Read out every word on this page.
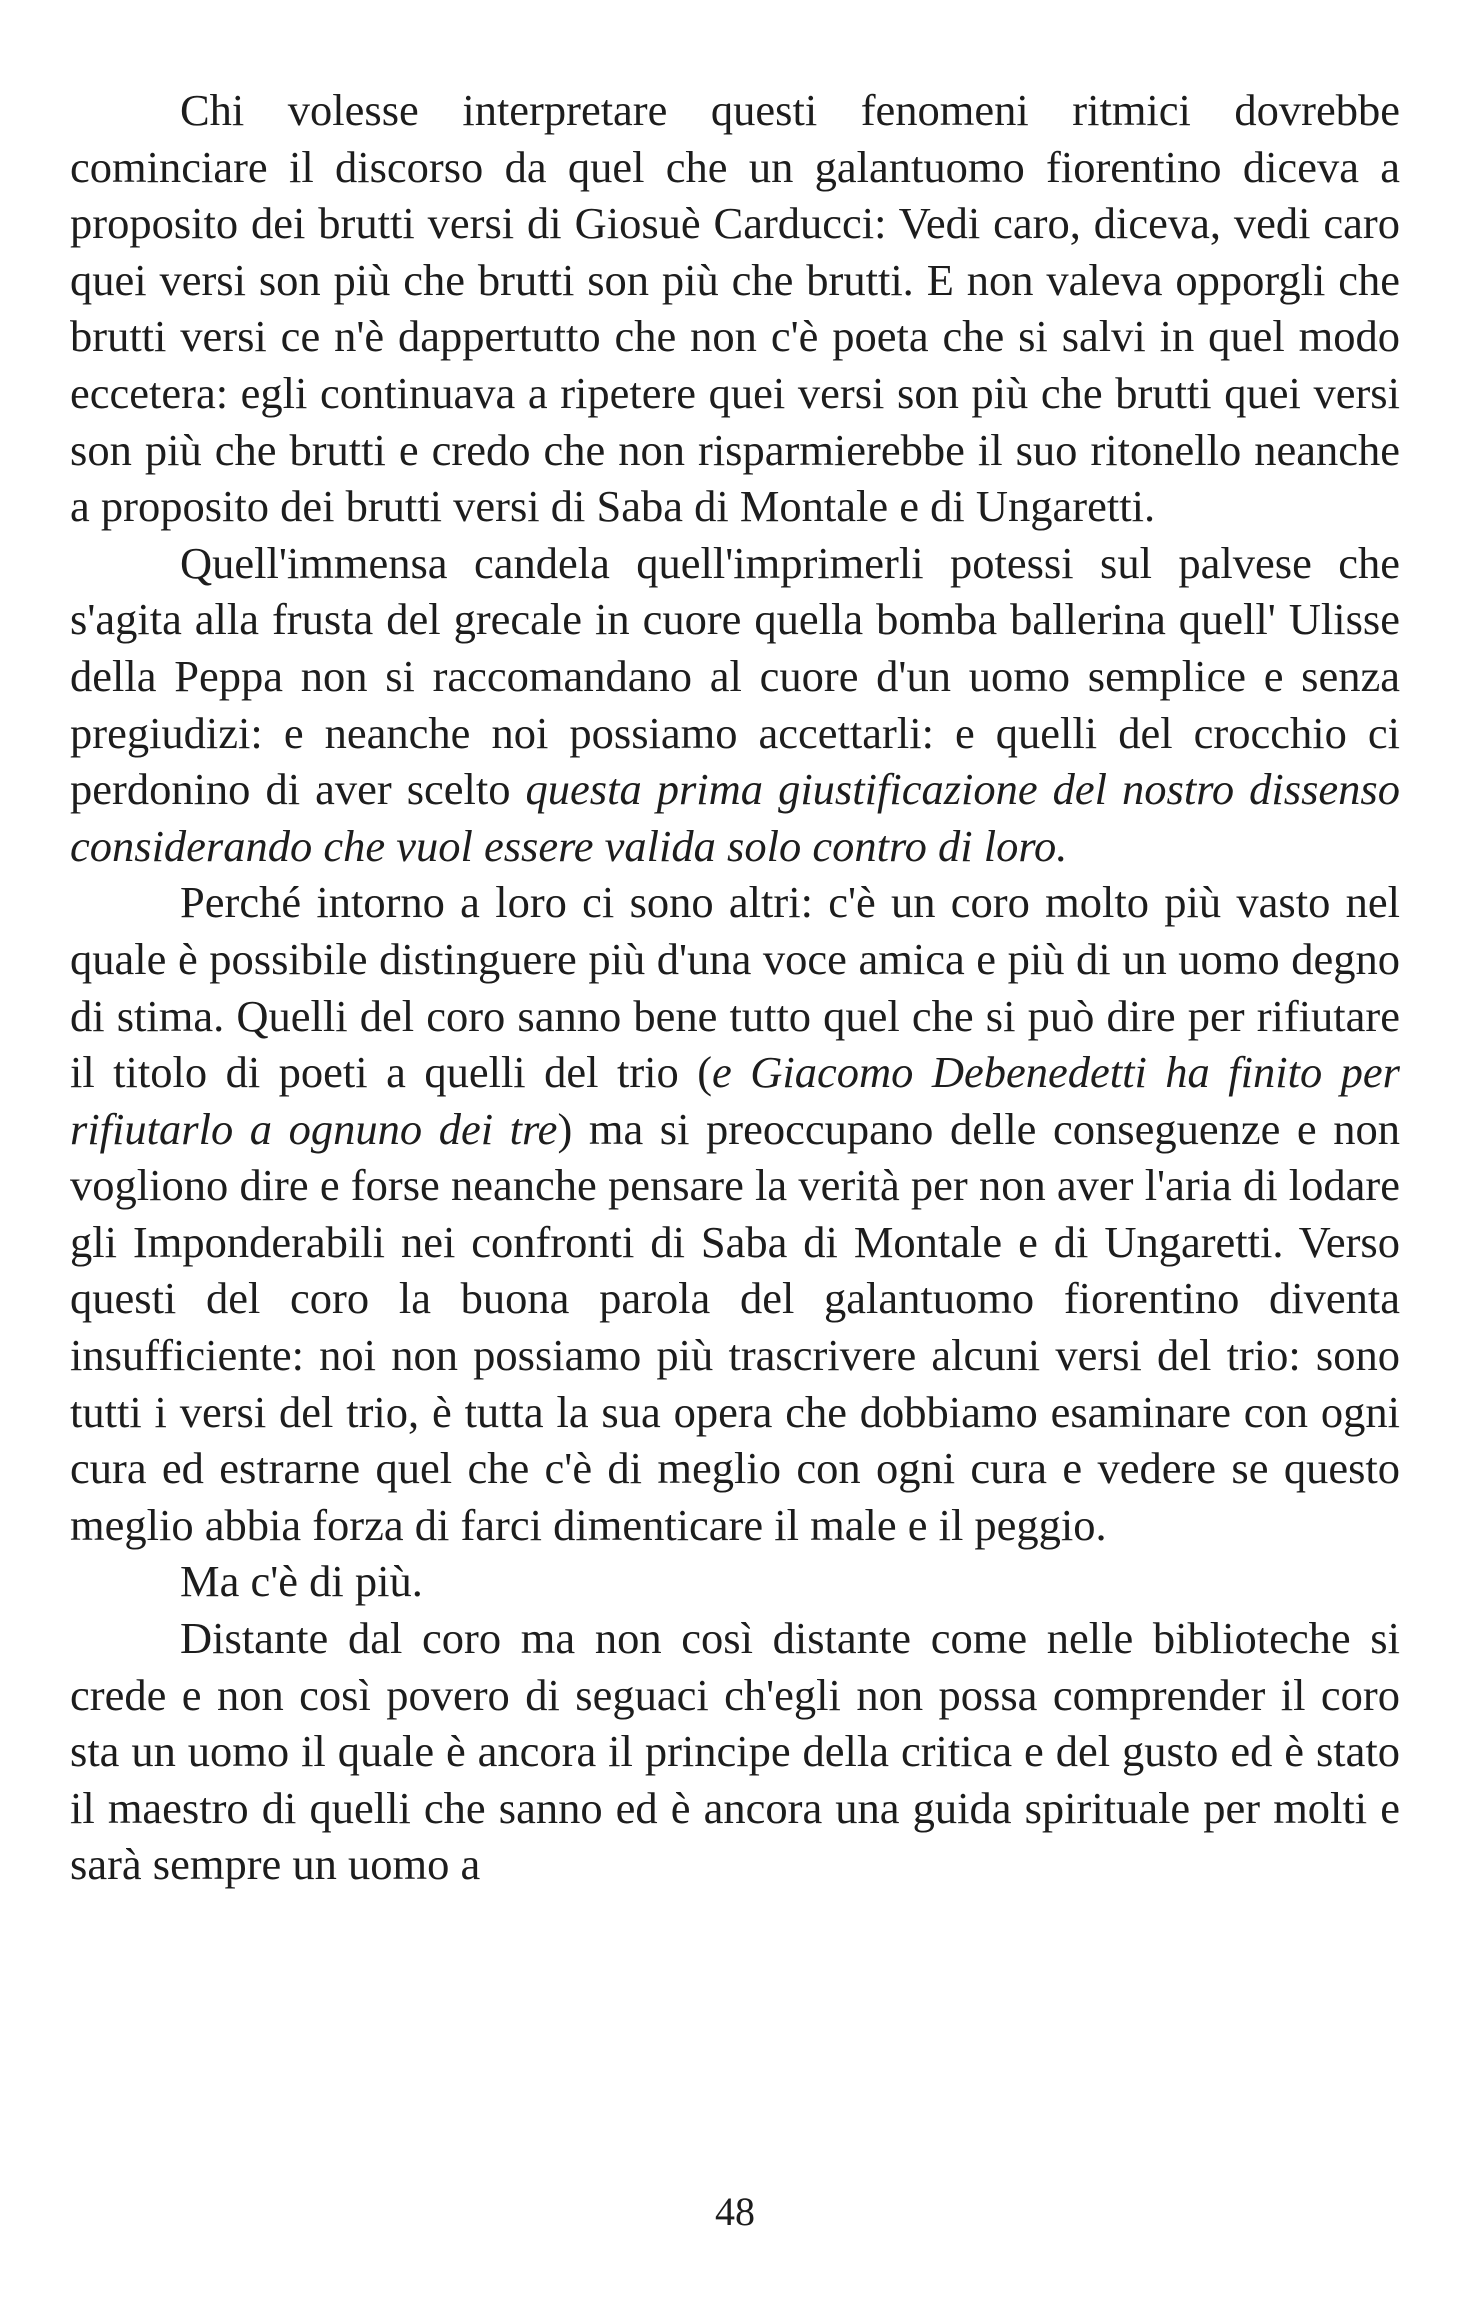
Chi volesse interpretare questi fenomeni ritmici dovrebbe cominciare il discorso da quel che un galantuomo fiorentino diceva a proposito dei brutti versi di Giosuè Carducci: Vedi caro, diceva, vedi caro quei versi son più che brutti son più che brutti. E non valeva opporgli che brutti versi ce n'è dappertutto che non c'è poeta che si salvi in quel modo eccetera: egli continuava a ripetere quei versi son più che brutti quei versi son più che brutti e credo che non risparmierebbe il suo ritonello neanche a proposito dei brutti versi di Saba di Montale e di Ungaretti.

Quell'immensa candela quell'imprimerli potessi sul palvese che s'agita alla frusta del grecale in cuore quella bomba ballerina quell' Ulisse della Peppa non si raccomandano al cuore d'un uomo semplice e senza pregiudizi: e neanche noi possiamo accettarli: e quelli del crocchio ci perdonino di aver scelto questa prima giustificazione del nostro dissenso considerando che vuol essere valida solo contro di loro.

Perché intorno a loro ci sono altri: c'è un coro molto più vasto nel quale è possibile distinguere più d'una voce amica e più di un uomo degno di stima. Quelli del coro sanno bene tutto quel che si può dire per rifiutare il titolo di poeti a quelli del trio (e Giacomo Debenedetti ha finito per rifiutarlo a ognuno dei tre) ma si preoccupano delle conseguenze e non vogliono dire e forse neanche pensare la verità per non aver l'aria di lodare gli Imponderabili nei confronti di Saba di Montale e di Ungaretti. Verso questi del coro la buona parola del galantuomo fiorentino diventa insufficiente: noi non possiamo più trascrivere alcuni versi del trio: sono tutti i versi del trio, è tutta la sua opera che dobbiamo esaminare con ogni cura ed estrarne quel che c'è di meglio con ogni cura e vedere se questo meglio abbia forza di farci dimenticare il male e il peggio.

Ma c'è di più.

Distante dal coro ma non così distante come nelle biblioteche si crede e non così povero di seguaci ch'egli non possa comprender il coro sta un uomo il quale è ancora il principe della critica e del gusto ed è stato il maestro di quelli che sanno ed è ancora una guida spirituale per molti e sarà sempre un uomo a

48
